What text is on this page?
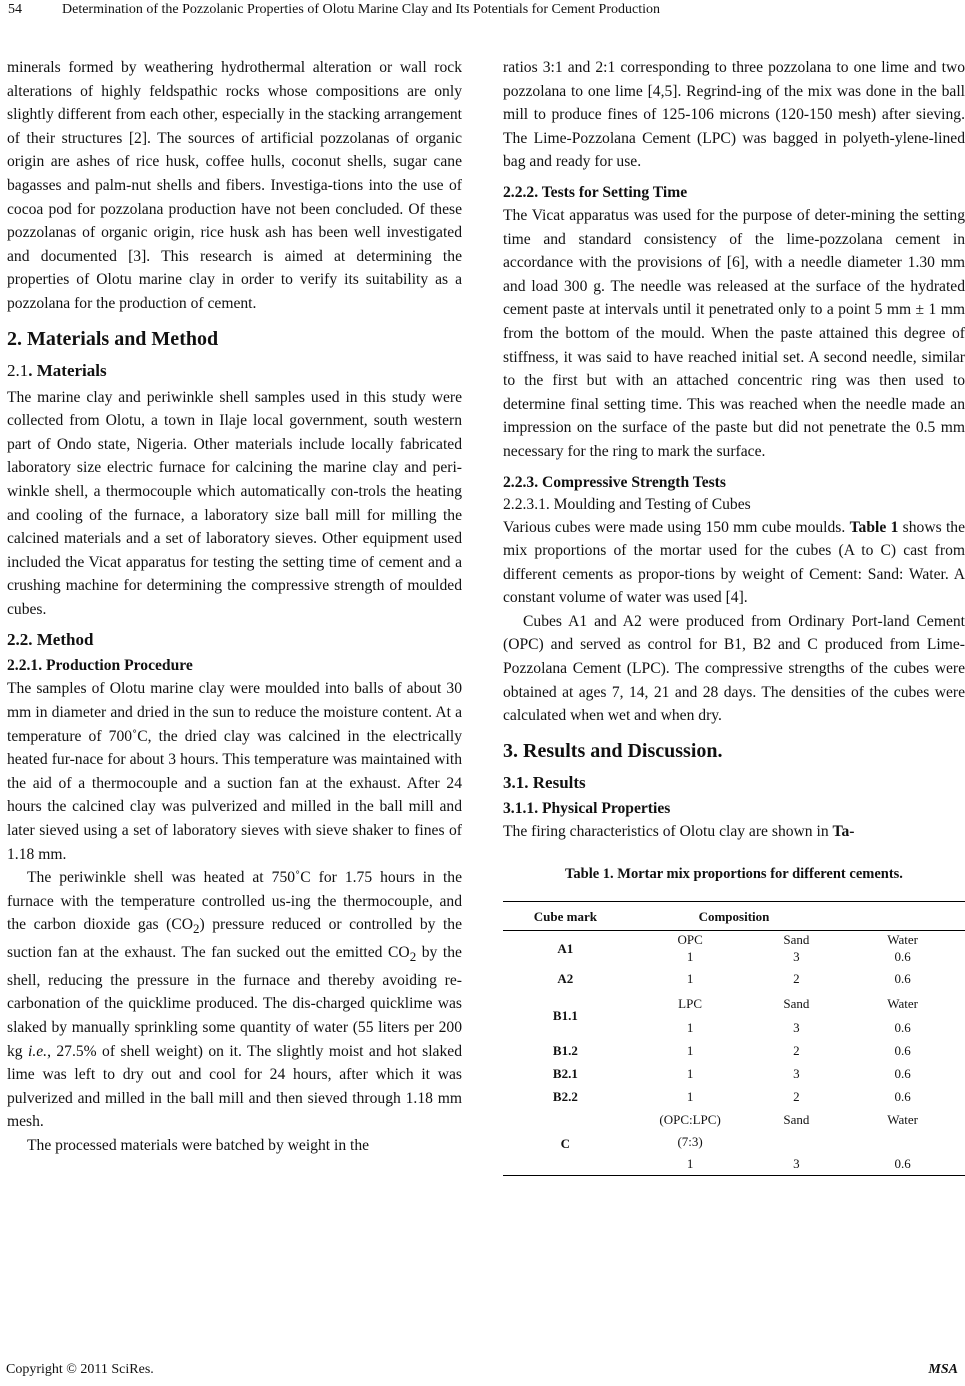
54	Determination of the Pozzolanic Properties of Olotu Marine Clay and Its Potentials for Cement Production

minerals formed by weathering hydrothermal alteration or wall rock alterations of highly feldspathic rocks whose compositions are only slightly different from each other, especially in the stacking arrangement of their structures [2]. The sources of artificial pozzolanas of organic origin are ashes of rice husk, coffee hulls, coconut shells, sugar cane bagasses and palm-nut shells and fibers. Investiga-tions into the use of cocoa pod for pozzolana production have not been concluded. Of these pozzolanas of organic origin, rice husk ash has been well investigated and documented [3]. This research is aimed at determining the properties of Olotu marine clay in order to verify its suitability as a pozzolana for the production of cement.

2. Materials and Method
2.1. Materials

The marine clay and periwinkle shell samples used in this study were collected from Olotu, a town in Ilaje local government, south western part of Ondo state, Nigeria. Other materials include locally fabricated laboratory size electric furnace for calcining the marine clay and peri-winkle shell, a thermocouple which automatically con-trols the heating and cooling of the furnace, a laboratory size ball mill for milling the calcined materials and a set of laboratory sieves. Other equipment used included the Vicat apparatus for testing the setting time of cement and a crushing machine for determining the compressive strength of moulded cubes.

2.2. Method
2.2.1. Production Procedure

The samples of Olotu marine clay were moulded into balls of about 30 mm in diameter and dried in the sun to reduce the moisture content. At a temperature of 700˚C, the dried clay was calcined in the electrically heated fur-nace for about 3 hours. This temperature was maintained with the aid of a thermocouple and a suction fan at the exhaust. After 24 hours the calcined clay was pulverized and milled in the ball mill and later sieved using a set of laboratory sieves with sieve shaker to fines of 1.18 mm.

The periwinkle shell was heated at 750˚C for 1.75 hours in the furnace with the temperature controlled us-ing the thermocouple, and the carbon dioxide gas $(CO_2)$ pressure reduced or controlled by the suction fan at the exhaust. The fan sucked out the emitted $CO_2$ by the shell, reducing the pressure in the furnace and thereby avoiding re-carbonation of the quicklime produced. The dis-charged quicklime was slaked by manually sprinkling some quantity of water (55 liters per 200 kg i.e., 27.5% of shell weight) on it. The slightly moist and hot slaked lime was left to dry out and cool for 24 hours, after which it was pulverized and milled in the ball mill and then sieved through 1.18 mm mesh.

The processed materials were batched by weight in the

ratios 3:1 and 2:1 corresponding to three pozzolana to one lime and two pozzolana to one lime [4,5]. Regrind-ing of the mix was done in the ball mill to produce fines of 125-106 microns (120-150 mesh) after sieving. The Lime-Pozzolana Cement (LPC) was bagged in polyeth-ylene-lined bag and ready for use.

2.2.2. Tests for Setting Time

The Vicat apparatus was used for the purpose of deter-mining the setting time and standard consistency of the lime-pozzolana cement in accordance with the provisions of [6], with a needle diameter 1.30 mm and load 300 g. The needle was released at the surface of the hydrated cement paste at intervals until it penetrated only to a point 5 mm ± 1 mm from the bottom of the mould. When the paste attained this degree of stiffness, it was said to have reached initial set. A second needle, similar to the first but with an attached concentric ring was then used to determine final setting time. This was reached when the needle made an impression on the surface of the paste but did not penetrate the 0.5 mm necessary for the ring to mark the surface.

2.2.3. Compressive Strength Tests
2.2.3.1. Moulding and Testing of Cubes

Various cubes were made using 150 mm cube moulds. Table 1 shows the mix proportions of the mortar used for the cubes (A to C) cast from different cements as propor-tions by weight of Cement: Sand: Water. A constant volume of water was used [4].

Cubes A1 and A2 were produced from Ordinary Port-land Cement (OPC) and served as control for B1, B2 and C produced from Lime-Pozzolana Cement (LPC). The compressive strengths of the cubes were obtained at ages 7, 14, 21 and 28 days. The densities of the cubes were calculated when wet and when dry.

3. Results and Discussion.
3.1. Results
3.1.1. Physical Properties

The firing characteristics of Olotu clay are shown in Ta-

Table 1. Mortar mix proportions for different cements.
Cube mark	Composition		
A1	OPC	Sand	Water
	1	3	0.6
A2	1	2	0.6
B1.1	LPC	Sand	Water
	1	3	0.6
B1.2	1	2	0.6
B2.1	1	3	0.6
B2.2	1	2	0.6
C	(OPC:LPC)	Sand	Water
	(7:3)		
	1	3	0.6
Copyright © 2011 SciRes.	MSA
